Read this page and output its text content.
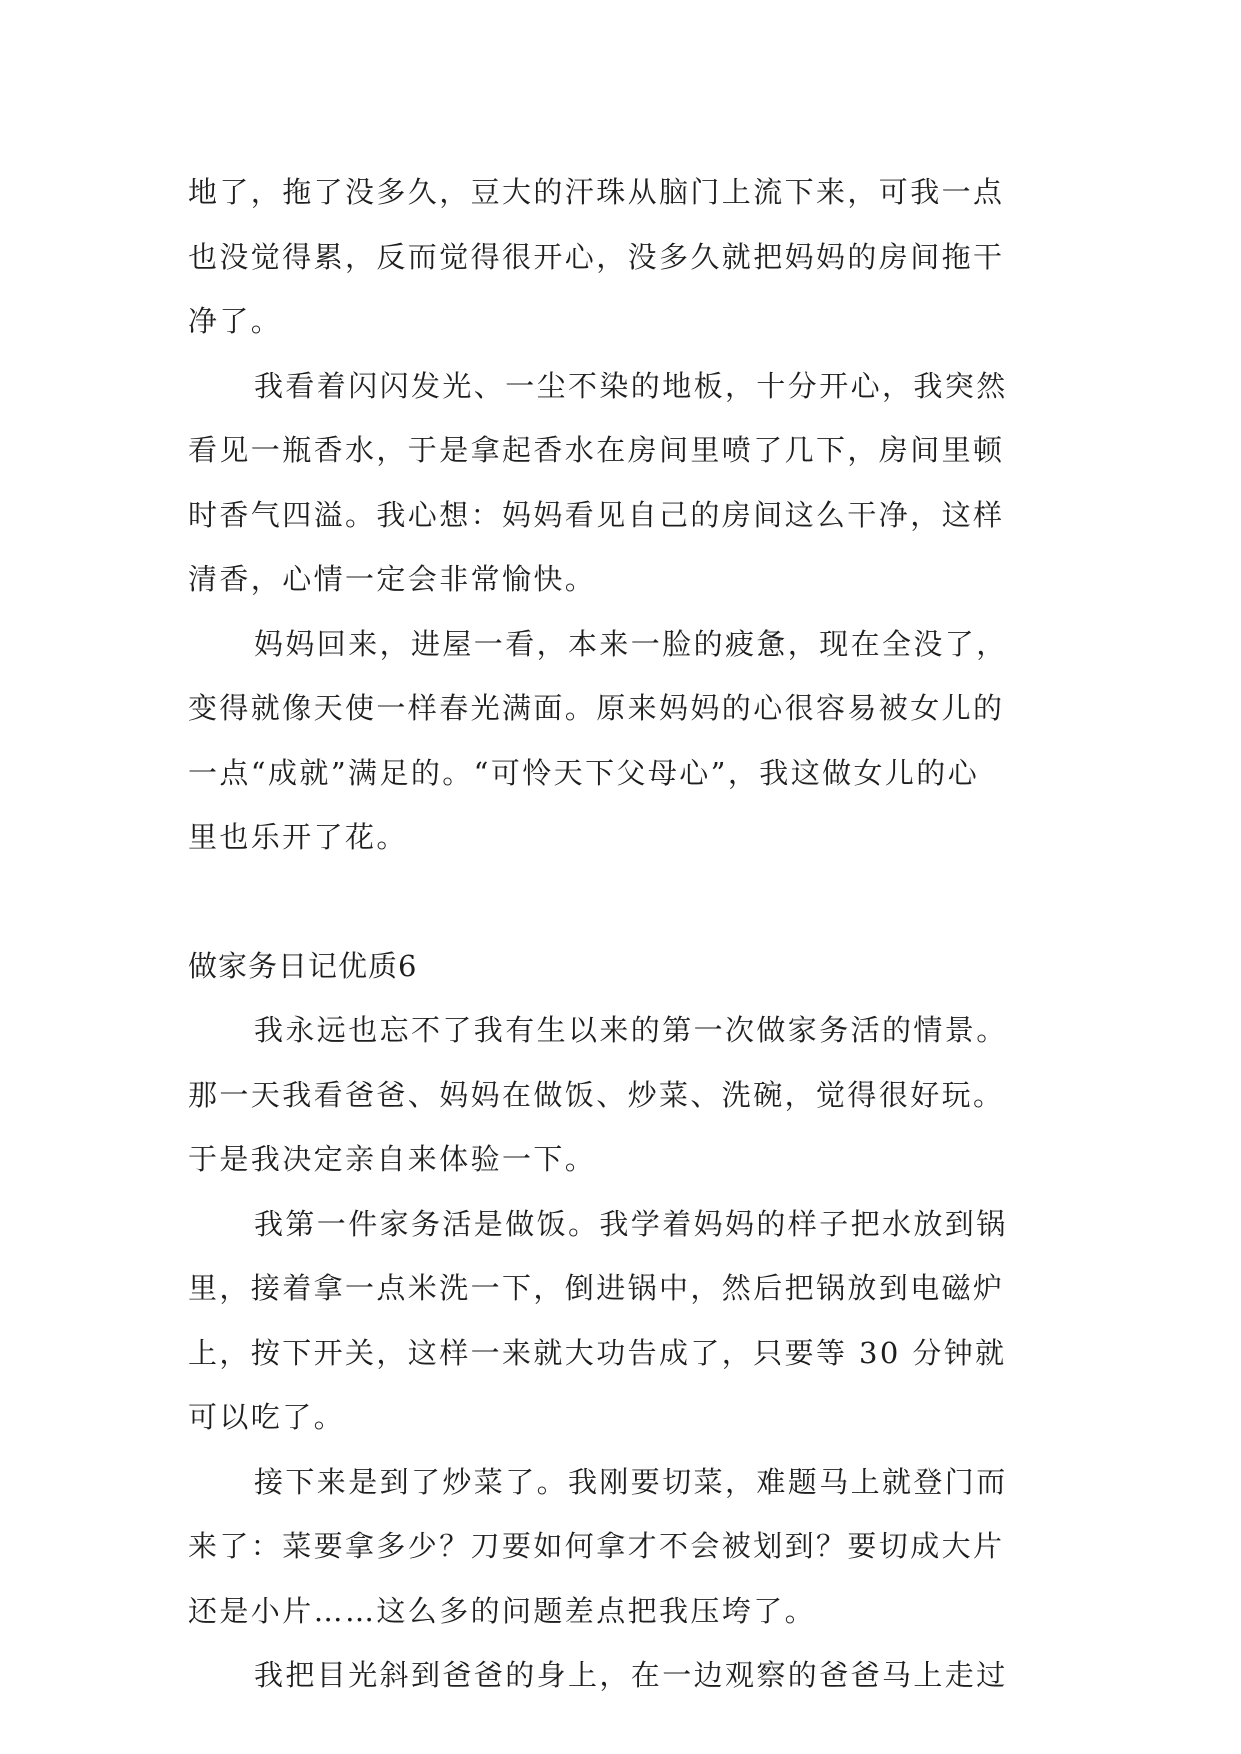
地了，拖了没多久，豆大的汗珠从脑门上流下来，可我一点
也没觉得累，反而觉得很开心，没多久就把妈妈的房间拖干
净了。
我看着闪闪发光、一尘不染的地板，十分开心，我突然
看见一瓶香水，于是拿起香水在房间里喷了几下，房间里顿
时香气四溢。我心想：妈妈看见自己的房间这么干净，这样
清香，心情一定会非常愉快。
妈妈回来，进屋一看，本来一脸的疲惫，现在全没了，
变得就像天使一样春光满面。原来妈妈的心很容易被女儿的
一点“成就”满足的。“可怜天下父母心”，我这做女儿的心
里也乐开了花。
做家务日记优质6
我永远也忘不了我有生以来的第一次做家务活的情景。
那一天我看爸爸、妈妈在做饭、炒菜、洗碗，觉得很好玩。
于是我决定亲自来体验一下。
我第一件家务活是做饭。我学着妈妈的样子把水放到锅
里，接着拿一点米洗一下，倒进锅中，然后把锅放到电磁炉
上，按下开关，这样一来就大功告成了，只要等 30 分钟就
可以吃了。
接下来是到了炒菜了。我刚要切菜，难题马上就登门而
来了：菜要拿多少？刀要如何拿才不会被划到？要切成大片
还是小片……这么多的问题差点把我压垮了。
我把目光斜到爸爸的身上，在一边观察的爸爸马上走过
